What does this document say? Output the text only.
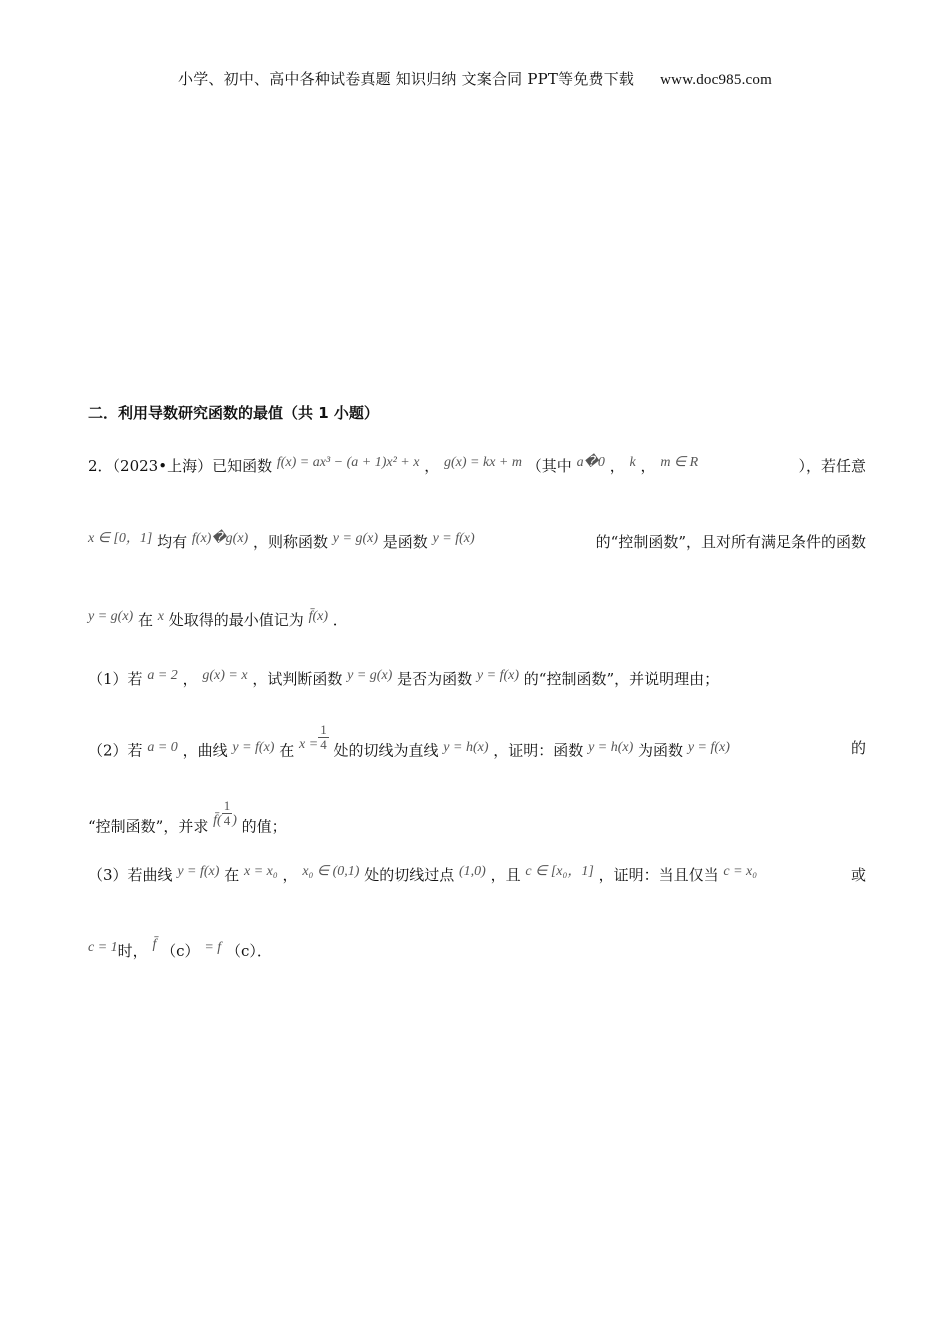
小学、初中、高中各种试卷真题 知识归纳 文案合同 PPT等免费下载 www.doc985.com
二．利用导数研究函数的最值（共 1 小题）
2．（2023•上海）已知函数 f(x) = ax³ − (a + 1)x² + x ， g(x) = kx + m （其中 a�0 ， k ， m ∈ R	），若任意
x ∈ [0，1] 均有 f(x)�g(x) ，则称函数 y = g(x) 是函数 y = f(x)	的“控制函数”，且对所有满足条件的函数
y = g(x) 在 x 处取得的最小值记为 f̄(x) ．
（1）若 a = 2 ， g(x) = x ，试判断函数 y = g(x) 是否为函数 y = f(x) 的“控制函数”，并说明理由；
（2）若 a = 0 ，曲线 y = f(x) 在 $x = \frac{1}{4}$ 处的切线为直线 y = h(x) ，证明：函数 y = h(x) 为函数 y = f(x)	的
“控制函数”，并求 f̄( $\frac{1}{4}$ ) 的值；
（3）若曲线 y = f(x) 在 x = x₀ ， x₀ ∈ (0,1) 处的切线过点 (1,0) ，且 c ∈ [x₀，1] ，证明：当且仅当 c = x₀	或
c = 1时， f̄ （c） = f （c）．
